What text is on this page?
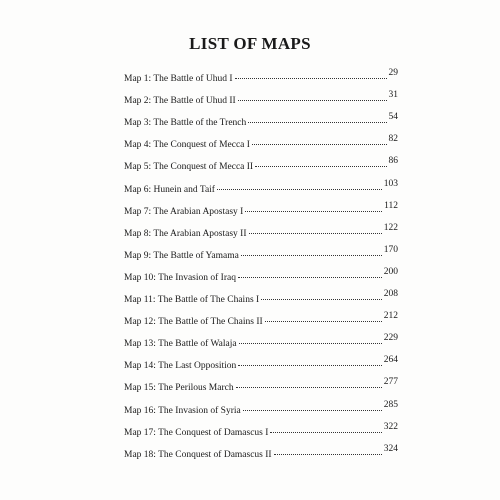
LIST OF MAPS
Map 1: The Battle of Uhud I
29
Map 2: The Battle of Uhud II
31
Map 3: The Battle of the Trench
54
Map 4: The Conquest of Mecca I
82
Map 5: The Conquest of Mecca II
86
Map 6: Hunein and Taif
103
Map 7: The Arabian Apostasy I
112
Map 8: The Arabian Apostasy II
122
Map 9: The Battle of Yamama
170
Map 10: The Invasion of Iraq
200
Map 11: The Battle of The Chains I
208
Map 12: The Battle of The Chains II
212
Map 13: The Battle of Walaja
229
Map 14: The Last Opposition
264
Map 15: The Perilous March
277
Map 16: The Invasion of Syria
285
Map 17: The Conquest of Damascus I
322
Map 18: The Conquest of Damascus II
324
